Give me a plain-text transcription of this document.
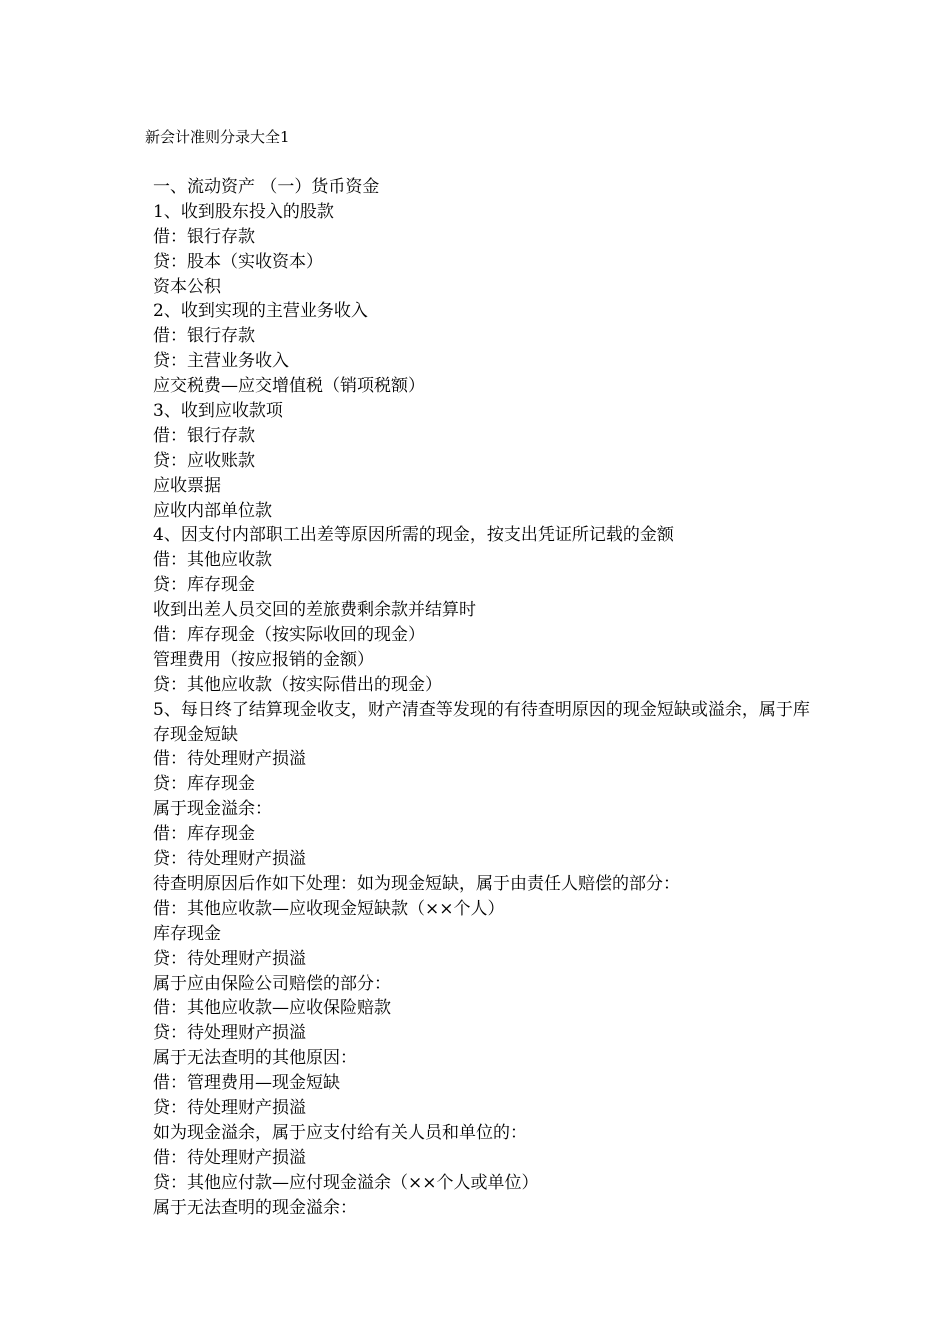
新会计准则分录大全1
一、流动资产 （一）货币资金
1、收到股东投入的股款
借：银行存款
贷：股本（实收资本）
资本公积
2、收到实现的主营业务收入
借：银行存款
贷：主营业务收入
应交税费—应交增值税（销项税额）
3、收到应收款项
借：银行存款
贷：应收账款
应收票据
应收内部单位款
4、因支付内部职工出差等原因所需的现金，按支出凭证所记载的金额
借：其他应收款
贷：库存现金
收到出差人员交回的差旅费剩余款并结算时
借：库存现金（按实际收回的现金）
管理费用（按应报销的金额）
贷：其他应收款（按实际借出的现金）
5、每日终了结算现金收支，财产清查等发现的有待查明原因的现金短缺或溢余，属于库
存现金短缺
借：待处理财产损溢
贷：库存现金
属于现金溢余：
借：库存现金
贷：待处理财产损溢
待查明原因后作如下处理：如为现金短缺，属于由责任人赔偿的部分：
借：其他应收款—应收现金短缺款（××个人）
库存现金
贷：待处理财产损溢
属于应由保险公司赔偿的部分：
借：其他应收款—应收保险赔款
贷：待处理财产损溢
属于无法查明的其他原因：
借：管理费用—现金短缺
贷：待处理财产损溢
如为现金溢余，属于应支付给有关人员和单位的：
借：待处理财产损溢
贷：其他应付款—应付现金溢余（××个人或单位）
属于无法查明的现金溢余：
